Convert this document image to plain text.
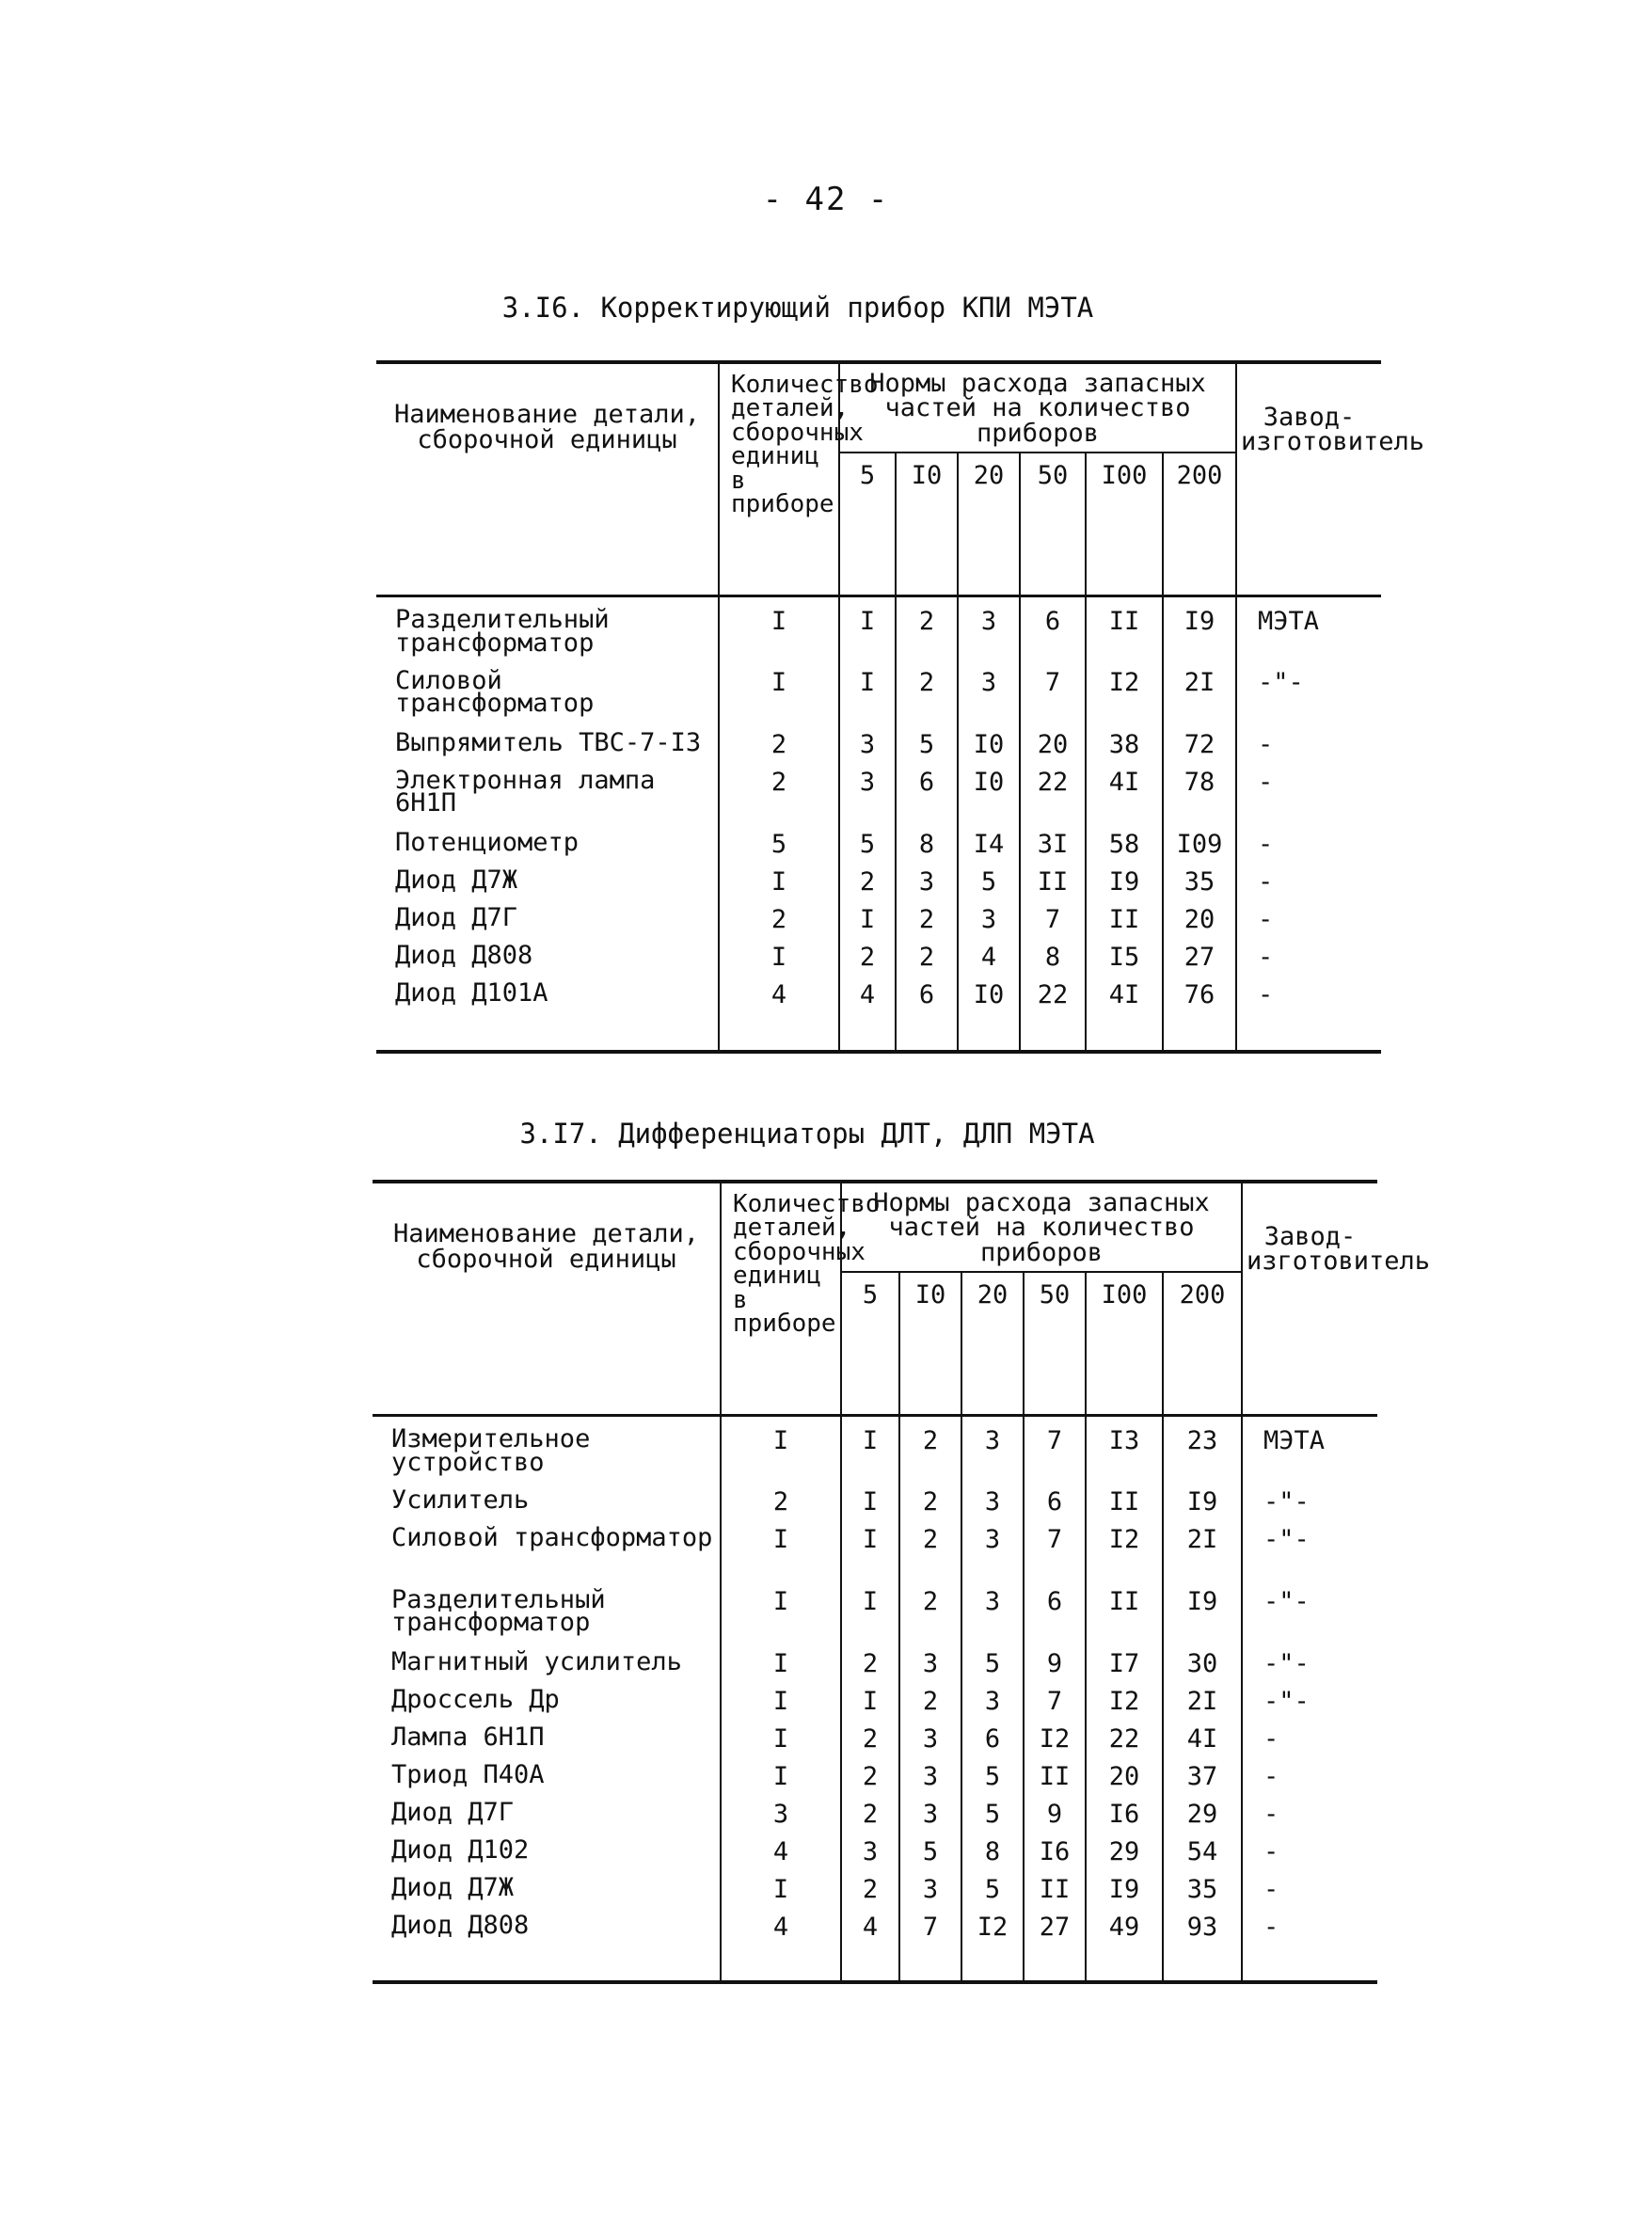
- 42 -
3.I6. Корректирующий прибор КПИ МЭТА
Наименование детали, сборочной единицы	Количество деталей, сборочных единиц в приборе	Нормы расхода запасных частей на количество приборов						Завод-изготовитель
		5	I0	20	50	I00	200	
Разделительный трансформатор	I	I	2	3	6	II	I9	МЭТА
Силовой трансформатор	I	I	2	3	7	I2	2I	-"-
Выпрямитель ТВС-7-I3	2	3	5	I0	20	38	72	-
Электронная лампа 6Н1П	2	3	6	I0	22	4I	78	-
Потенциометр	5	5	8	I4	3I	58	I09	-
Диод Д7Ж	I	2	3	5	II	I9	35	-
Диод Д7Г	2	I	2	3	7	II	20	-
Диод Д808	I	2	2	4	8	I5	27	-
Диод Д101А	4	4	6	I0	22	4I	76	-

3.I7. Дифференциаторы ДЛТ, ДЛП МЭТА
Наименование детали, сборочной единицы	Количество деталей, сборочных единиц в приборе	Нормы расхода запасных частей на количество приборов						Завод-изготовитель
		5	I0	20	50	I00	200	
Измерительное устройство	I	I	2	3	7	I3	23	МЭТА
Усилитель	2	I	2	3	6	II	I9	-"-
Силовой трансформатор	I	I	2	3	7	I2	2I	-"-
Разделительный трансформатор	I	I	2	3	6	II	I9	-"-
Магнитный усилитель	I	2	3	5	9	I7	30	-"-
Дроссель Др	I	I	2	3	7	I2	2I	-"-
Лампа 6Н1П	I	2	3	6	I2	22	4I	-
Триод П40А	I	2	3	5	II	20	37	-
Диод Д7Г	3	2	3	5	9	I6	29	-
Диод Д102	4	3	5	8	I6	29	54	-
Диод Д7Ж	I	2	3	5	II	I9	35	-
Диод Д808	4	4	7	I2	27	49	93	-
